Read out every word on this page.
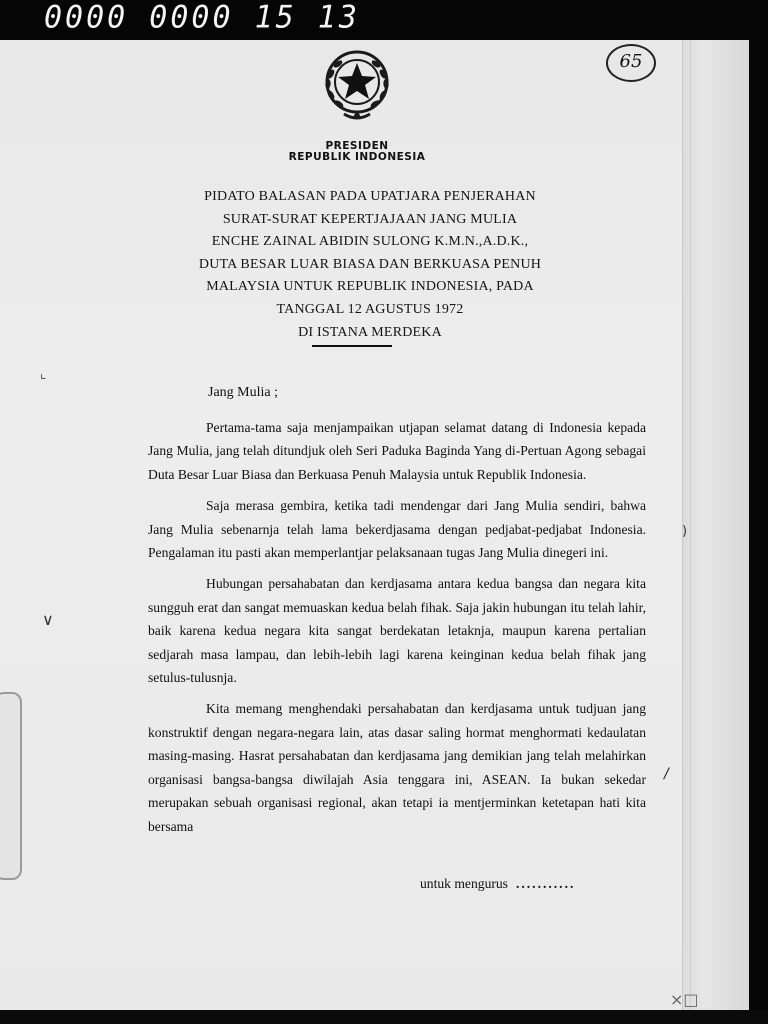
0000 0000 15 13
65
PRESIDEN
REPUBLIK INDONESIA
PIDATO BALASAN PADA UPATJARA PENJERAHAN
SURAT-SURAT KEPERTJAJAAN JANG MULIA
ENCHE ZAINAL ABIDIN SULONG K.M.N.,A.D.K.,
DUTA BESAR LUAR BIASA DAN BERKUASA PENUH
MALAYSIA UNTUK REPUBLIK INDONESIA, PADA
TANGGAL 12 AGUSTUS 1972
DI ISTANA MERDEKA
Jang Mulia ;

Pertama-tama saja menjampaikan utjapan selamat datang di Indonesia kepada Jang Mulia, jang telah ditundjuk oleh Seri Paduka Baginda Yang di-Pertuan Agong sebagai Duta Besar Luar Biasa dan Berkuasa Penuh Malaysia untuk Republik Indonesia.

Saja merasa gembira, ketika tadi mendengar dari Jang Mulia sendiri, bahwa Jang Mulia sebenarnja telah lama bekerdjasama dengan pedjabat-pedjabat Indonesia. Pengalaman itu pasti akan memperlantjar pelaksanaan tugas Jang Mulia dinegeri ini.

Hubungan persahabatan dan kerdjasama antara kedua bangsa dan negara kita sungguh erat dan sangat memuaskan kedua belah fihak. Saja jakin hubungan itu telah lahir, baik karena kedua negara kita sangat berdekatan letaknja, maupun karena pertalian sedjarah masa lampau, dan lebih-lebih lagi karena keinginan kedua belah fihak jang setulus-tulusnja.

Kita memang menghendaki persahabatan dan kerdjasama untuk tudjuan jang konstruktif dengan negara-negara lain, atas dasar saling hormat menghormati kedaulatan masing-masing. Hasrat persahabatan dan kerdjasama jang demikian jang telah melahirkan organisasi bangsa-bangsa diwilajah Asia tenggara ini, ASEAN. Ia bukan sekedar merupakan sebuah organisasi regional, akan tetapi ia mentjerminkan ketetapan hati kita bersama

untuk mengurus ...........
⌞
∨
)
/
×□
